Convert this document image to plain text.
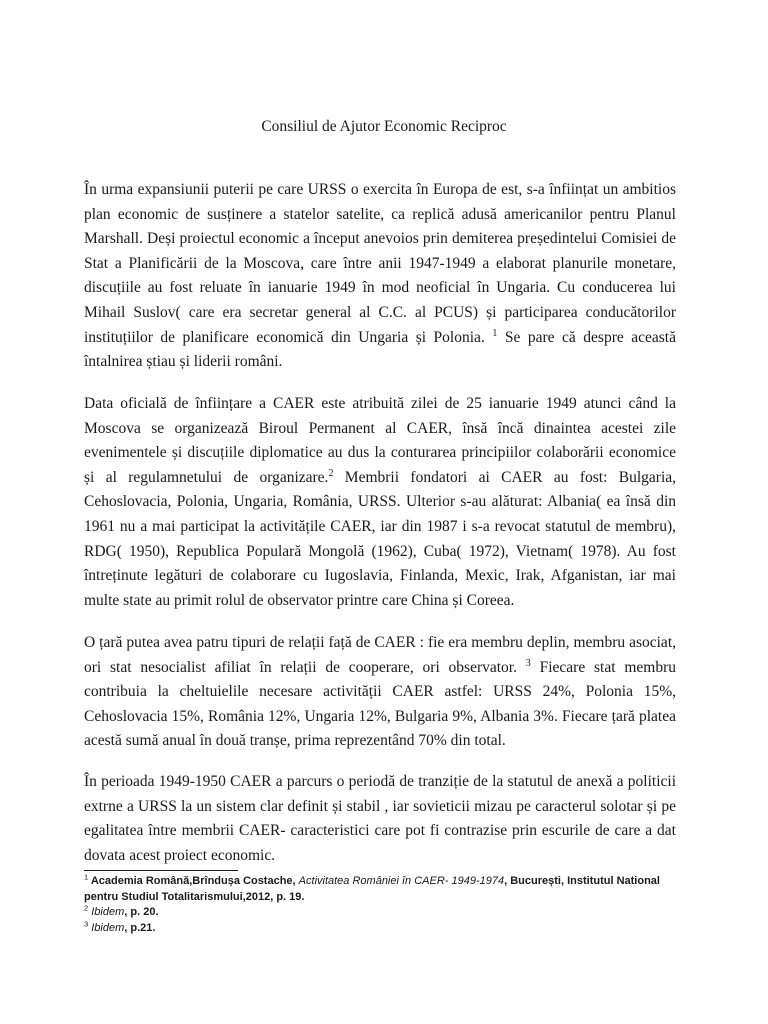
Consiliul de Ajutor Economic Reciproc
În urma expansiunii puterii pe care URSS o exercita în Europa de est, s-a înființat un ambitios plan economic de susținere a statelor satelite, ca replică adusă americanilor pentru Planul Marshall. Deși proiectul economic a început anevoios prin demiterea președintelui Comisiei de Stat a Planificării de la Moscova, care între anii 1947-1949 a elaborat planurile monetare, discuțiile au fost reluate în ianuarie 1949 în mod neoficial în Ungaria. Cu conducerea lui Mihail Suslov( care era secretar general al C.C. al PCUS) și participarea conducătorilor instituțiilor de planificare economică din Ungaria și Polonia. $^1$ Se pare că despre această întalnirea știau și liderii români.
Data oficială de înființare a CAER este atribuită zilei de 25 ianuarie 1949 atunci când la Moscova se organizează Biroul Permanent al CAER, însă încă dinaintea acestei zile evenimentele și discuțiile diplomatice au dus la conturarea principiilor colaborării economice și al regulamnetului de organizare.$^2$ Membrii fondatori ai CAER au fost: Bulgaria, Cehoslovacia, Polonia, Ungaria, România, URSS. Ulterior s-au alăturat: Albania( ea însă din 1961 nu a mai participat la activitățile CAER, iar din 1987 i s-a revocat statutul de membru), RDG( 1950), Republica Populară Mongolă (1962), Cuba( 1972), Vietnam( 1978). Au fost întreținute legături de colaborare cu Iugoslavia, Finlanda, Mexic, Irak, Afganistan, iar mai multe state au primit rolul de observator printre care China și Coreea.
O țară putea avea patru tipuri de relații față de CAER : fie era membru deplin, membru asociat, ori stat nesocialist afiliat în relații de cooperare, ori observator. $^3$ Fiecare stat membru contribuia la cheltuielile necesare activității CAER astfel: URSS 24%, Polonia 15%, Cehoslovacia 15%, România 12%, Ungaria 12%, Bulgaria 9%, Albania 3%. Fiecare țară platea acestă sumă anual în două tranșe, prima reprezentând 70% din total.
În perioada 1949-1950 CAER a parcurs o periodă de tranziție de la statutul de anexă a politicii extrne a URSS la un sistem clar definit și stabil , iar sovieticii mizau pe caracterul solotar și pe egalitatea între membrii CAER- caracteristici care pot fi contrazise prin escurile de care a dat dovata acest proiect economic.

$^1$ Academia Română,Brîndușa Costache, Activitatea României în CAER- 1949-1974, București, Institutul National pentru Studiul Totalitarismului,2012, p. 19.

$^2$ Ibidem, p. 20.

$^3$ Ibidem, p.21.
